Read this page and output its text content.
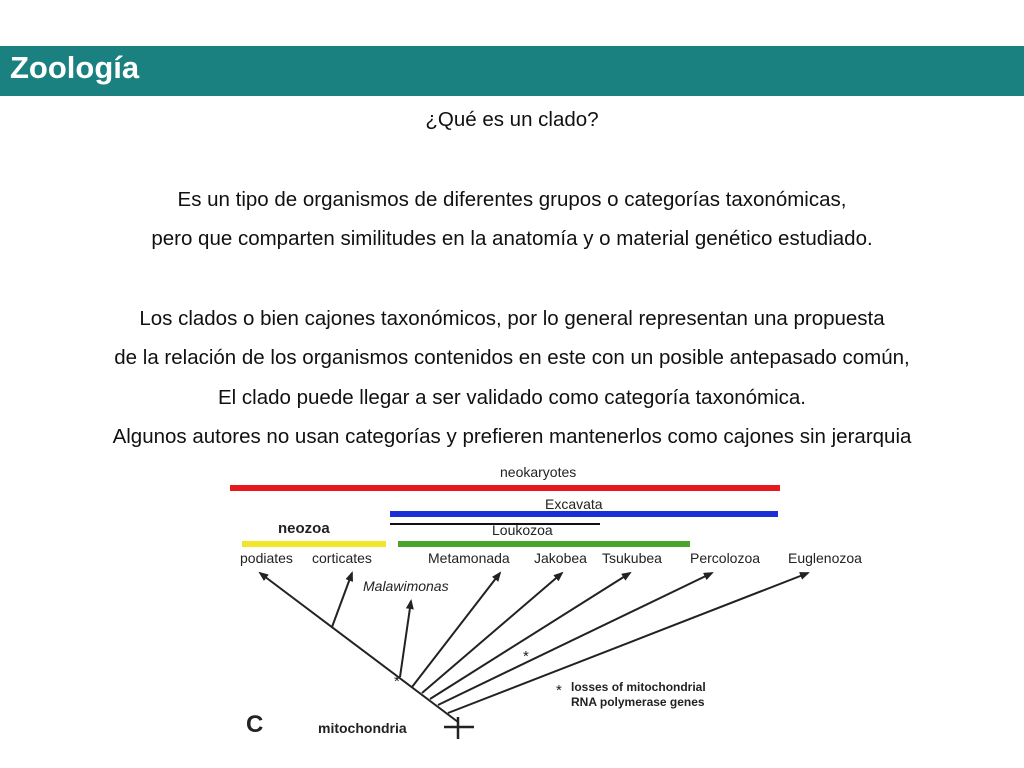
Zoología
¿Qué es un clado?
Es un tipo de organismos de diferentes grupos o categorías taxonómicas,
pero que comparten similitudes en la anatomía y o material genético estudiado.
Los clados o bien cajones taxonómicos, por lo general representan una propuesta
de la relación de los organismos contenidos en este con un posible antepasado común,
El clado puede llegar a ser validado como categoría taxonómica.
Algunos autores no usan categorías y prefieren mantenerlos como cajones sin jerarquia
neokaryotes
Excavata
Loukozoa
neozoa
podiates corticates
Malawimonas
Metamonada Jakobea Tsukubea Percolozoa Euglenozoa
*
*
C	mitochondria
* losses of mitochondrial
RNA polymerase genes
